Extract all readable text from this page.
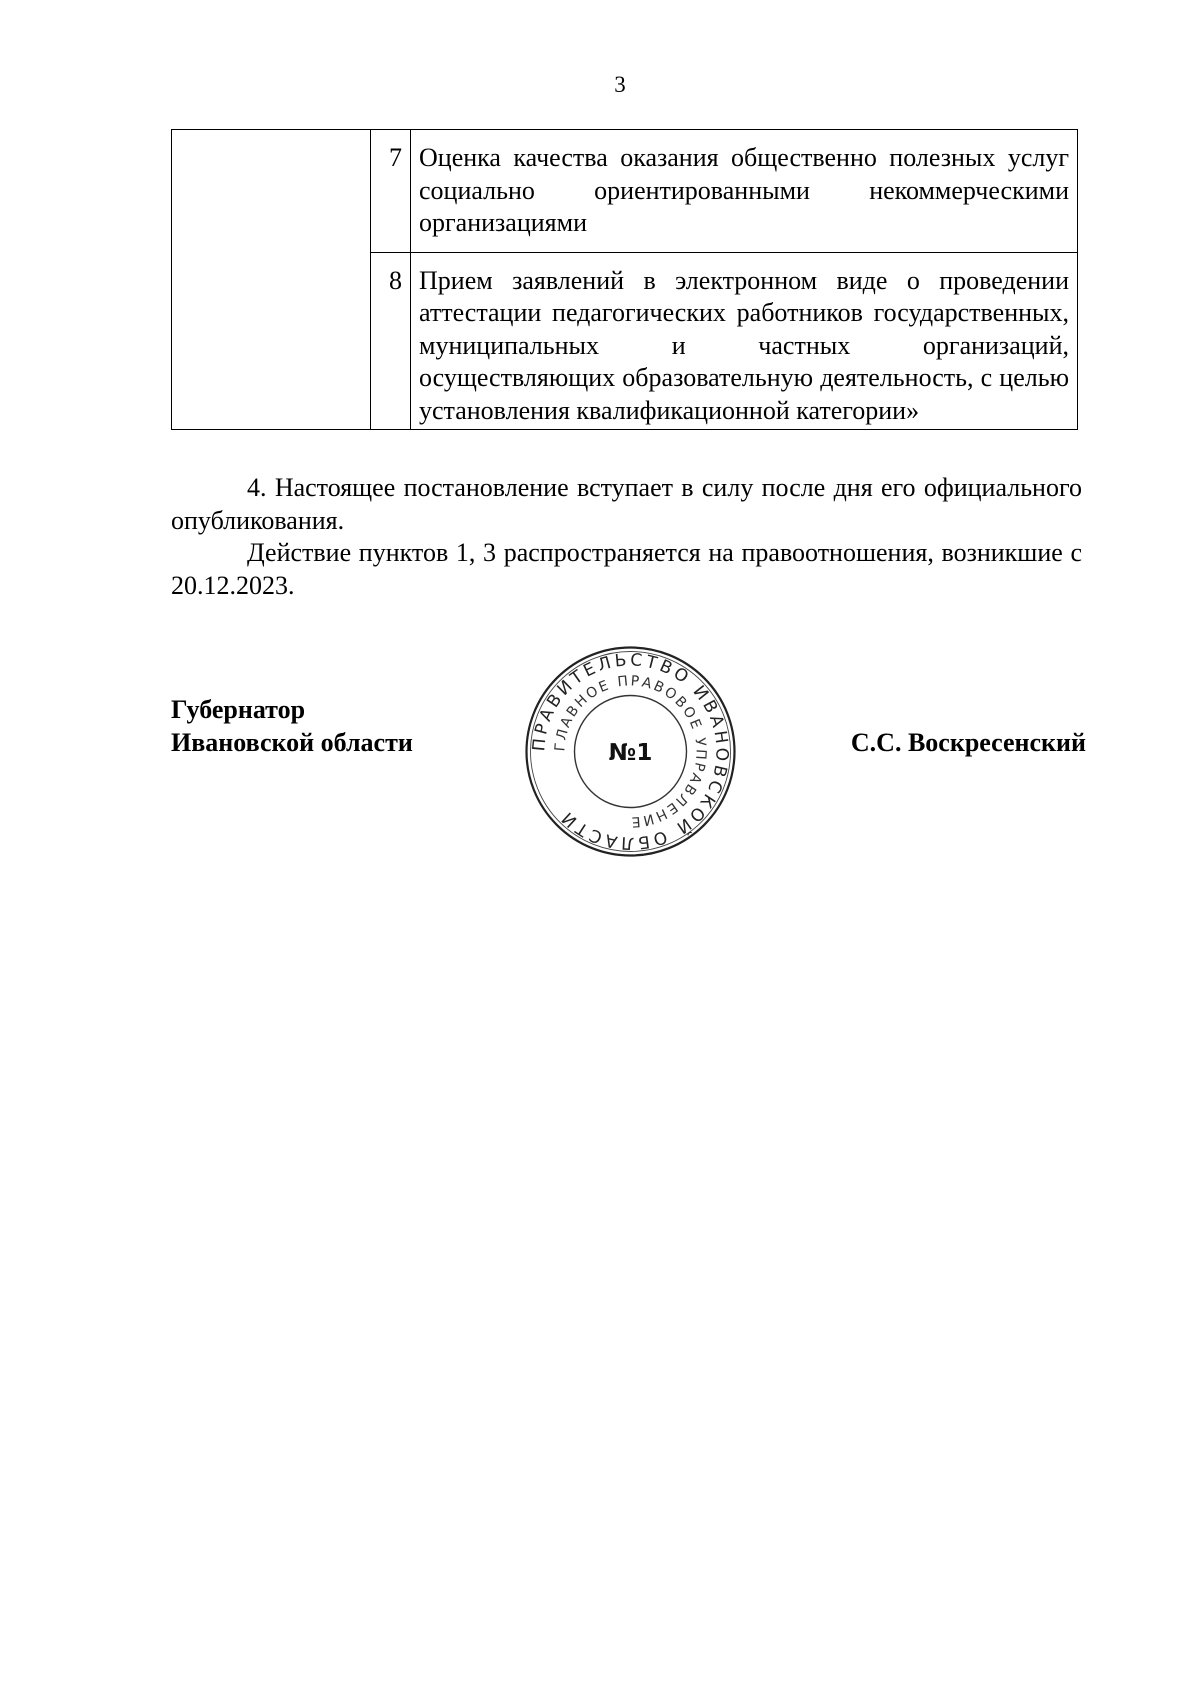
3
	7	Оценка качества оказания общественно полезных услуг социально ориентированными некоммерческими организациями
	8	Прием заявлений в электронном виде о проведении аттестации педагогических работников государственных, муниципальных и частных организаций, осуществляющих образовательную деятельность, с целью установления квалификационной категории»

4. Настоящее постановление вступает в силу после дня его официального опубликования.

Действие пунктов 1, 3 распространяется на правоотношения, возникшие с 20.12.2023.

Губернатор
Ивановской области	ПРАВИТЕЛЬСТВО ИВАНОВСКОЙ ОБЛАСТИ
ГЛАВНОЕ ПРАВОВОЕ УПРАВЛЕНИЕ
№1	С.С. Воскресенский
